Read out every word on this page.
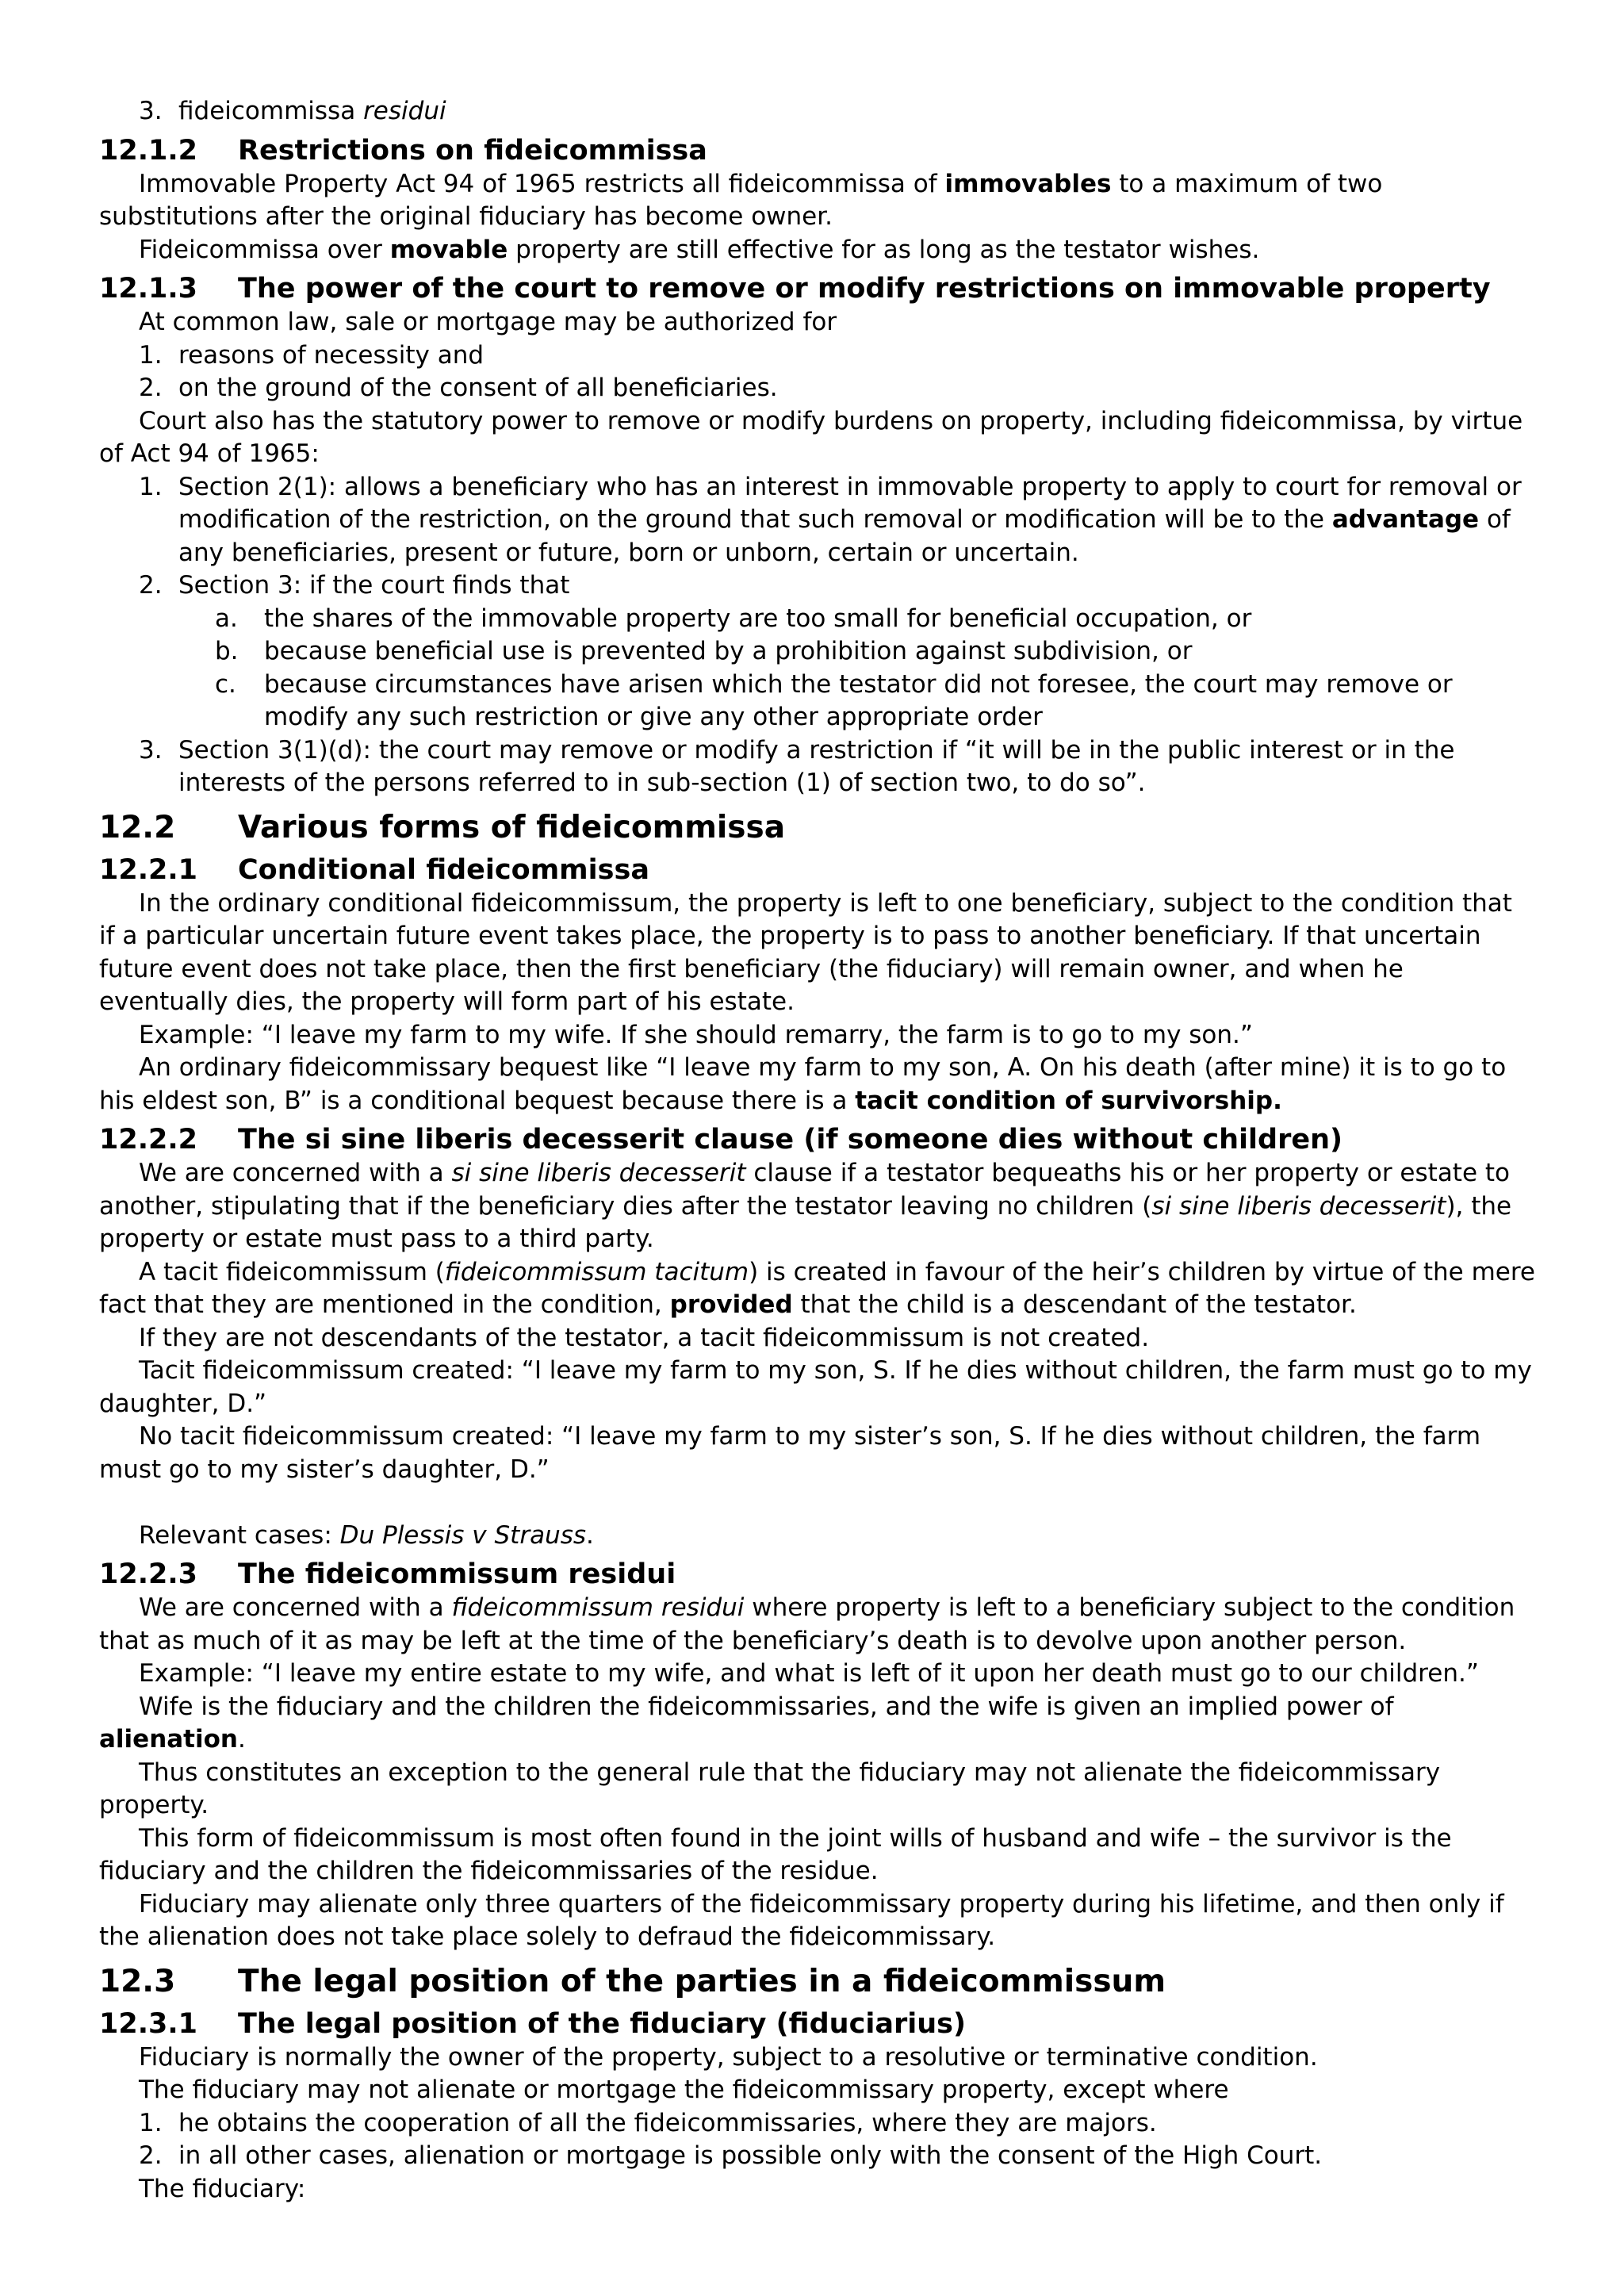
3. fideicommissa residui
12.1.2	Restrictions on fideicommissa

Immovable Property Act 94 of 1965 restricts all fideicommissa of immovables to a maximum of two substitutions after the original fiduciary has become owner.

Fideicommissa over movable property are still effective for as long as the testator wishes.

12.1.3	The power of the court to remove or modify restrictions on immovable property

At common law, sale or mortgage may be authorized for

1. reasons of necessity and
2. on the ground of the consent of all beneficiaries.

Court also has the statutory power to remove or modify burdens on property, including fideicommissa, by virtue of Act 94 of 1965:

1. Section 2(1): allows a beneficiary who has an interest in immovable property to apply to court for removal or modification of the restriction, on the ground that such removal or modification will be to the advantage of any beneficiaries, present or future, born or unborn, certain or uncertain.
2. Section 3: if the court finds that
a.	the shares of the immovable property are too small for beneficial occupation, or
b.	because beneficial use is prevented by a prohibition against subdivision, or
c.	because circumstances have arisen which the testator did not foresee, the court may remove or modify any such restriction or give any other appropriate order
3. Section 3(1)(d): the court may remove or modify a restriction if “it will be in the public interest or in the interests of the persons referred to in sub-section (1) of section two, to do so”.
12.2	Various forms of fideicommissa
12.2.1	Conditional fideicommissa

In the ordinary conditional fideicommissum, the property is left to one beneficiary, subject to the condition that if a particular uncertain future event takes place, the property is to pass to another beneficiary. If that uncertain future event does not take place, then the first beneficiary (the fiduciary) will remain owner, and when he eventually dies, the property will form part of his estate.

Example: “I leave my farm to my wife. If she should remarry, the farm is to go to my son.”

An ordinary fideicommissary bequest like “I leave my farm to my son, A. On his death (after mine) it is to go to his eldest son, B” is a conditional bequest because there is a tacit condition of survivorship.

12.2.2	The si sine liberis decesserit clause (if someone dies without children)

We are concerned with a si sine liberis decesserit clause if a testator bequeaths his or her property or estate to another, stipulating that if the beneficiary dies after the testator leaving no children (si sine liberis decesserit), the property or estate must pass to a third party.

A tacit fideicommissum (fideicommissum tacitum) is created in favour of the heir’s children by virtue of the mere fact that they are mentioned in the condition, provided that the child is a descendant of the testator.

If they are not descendants of the testator, a tacit fideicommissum is not created.

Tacit fideicommissum created: “I leave my farm to my son, S. If he dies without children, the farm must go to my daughter, D.”

No tacit fideicommissum created: “I leave my farm to my sister’s son, S. If he dies without children, the farm must go to my sister’s daughter, D.”

Relevant cases: Du Plessis v Strauss.

12.2.3	The fideicommissum residui

We are concerned with a fideicommissum residui where property is left to a beneficiary subject to the condition that as much of it as may be left at the time of the beneficiary’s death is to devolve upon another person.

Example: “I leave my entire estate to my wife, and what is left of it upon her death must go to our children.”

Wife is the fiduciary and the children the fideicommissaries, and the wife is given an implied power of alienation.

Thus constitutes an exception to the general rule that the fiduciary may not alienate the fideicommissary property.

This form of fideicommissum is most often found in the joint wills of husband and wife – the survivor is the fiduciary and the children the fideicommissaries of the residue.

Fiduciary may alienate only three quarters of the fideicommissary property during his lifetime, and then only if the alienation does not take place solely to defraud the fideicommissary.

12.3	The legal position of the parties in a fideicommissum
12.3.1	The legal position of the fiduciary (fiduciarius)

Fiduciary is normally the owner of the property, subject to a resolutive or terminative condition.

The fiduciary may not alienate or mortgage the fideicommissary property, except where

1. he obtains the cooperation of all the fideicommissaries, where they are majors.
2. in all other cases, alienation or mortgage is possible only with the consent of the High Court.

The fiduciary:
